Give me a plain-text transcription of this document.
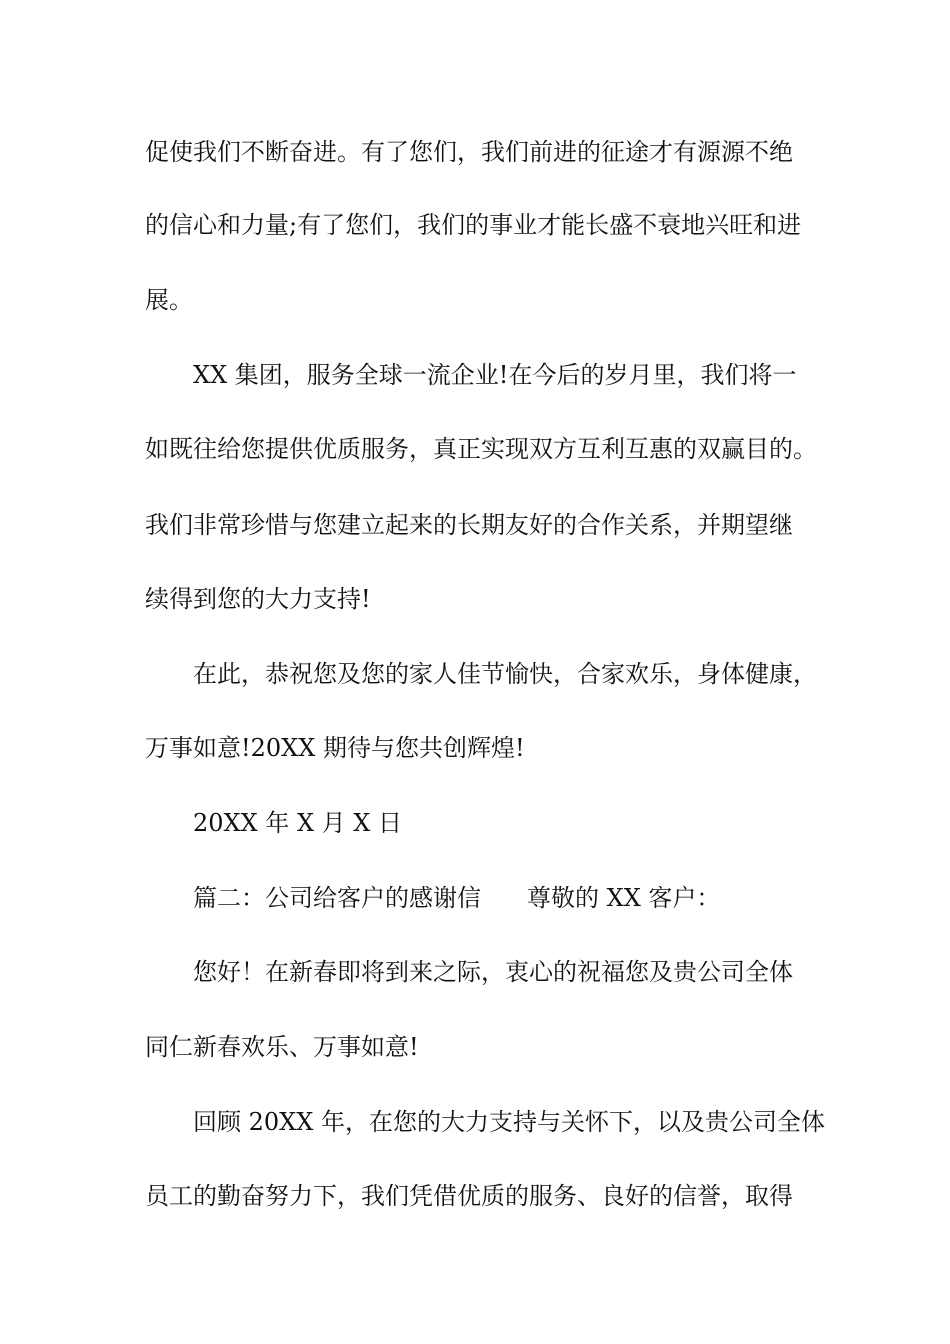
促使我们不断奋进。有了您们，我们前进的征途才有源源不绝
的信心和力量;有了您们，我们的事业才能长盛不衰地兴旺和进
展。
XX 集团，服务全球一流企业!在今后的岁月里，我们将一
如既往给您提供优质服务，真正实现双方互利互惠的双赢目的。
我们非常珍惜与您建立起来的长期友好的合作关系，并期望继
续得到您的大力支持!
在此，恭祝您及您的家人佳节愉快，合家欢乐，身体健康，
万事如意!20XX 期待与您共创辉煌!
20XX 年 X 月 X 日
篇二：公司给客户的感谢信 尊敬的 XX 客户：
您好！在新春即将到来之际，衷心的祝福您及贵公司全体
同仁新春欢乐、万事如意!
回顾 20XX 年，在您的大力支持与关怀下，以及贵公司全体
员工的勤奋努力下，我们凭借优质的服务、良好的信誉，取得
